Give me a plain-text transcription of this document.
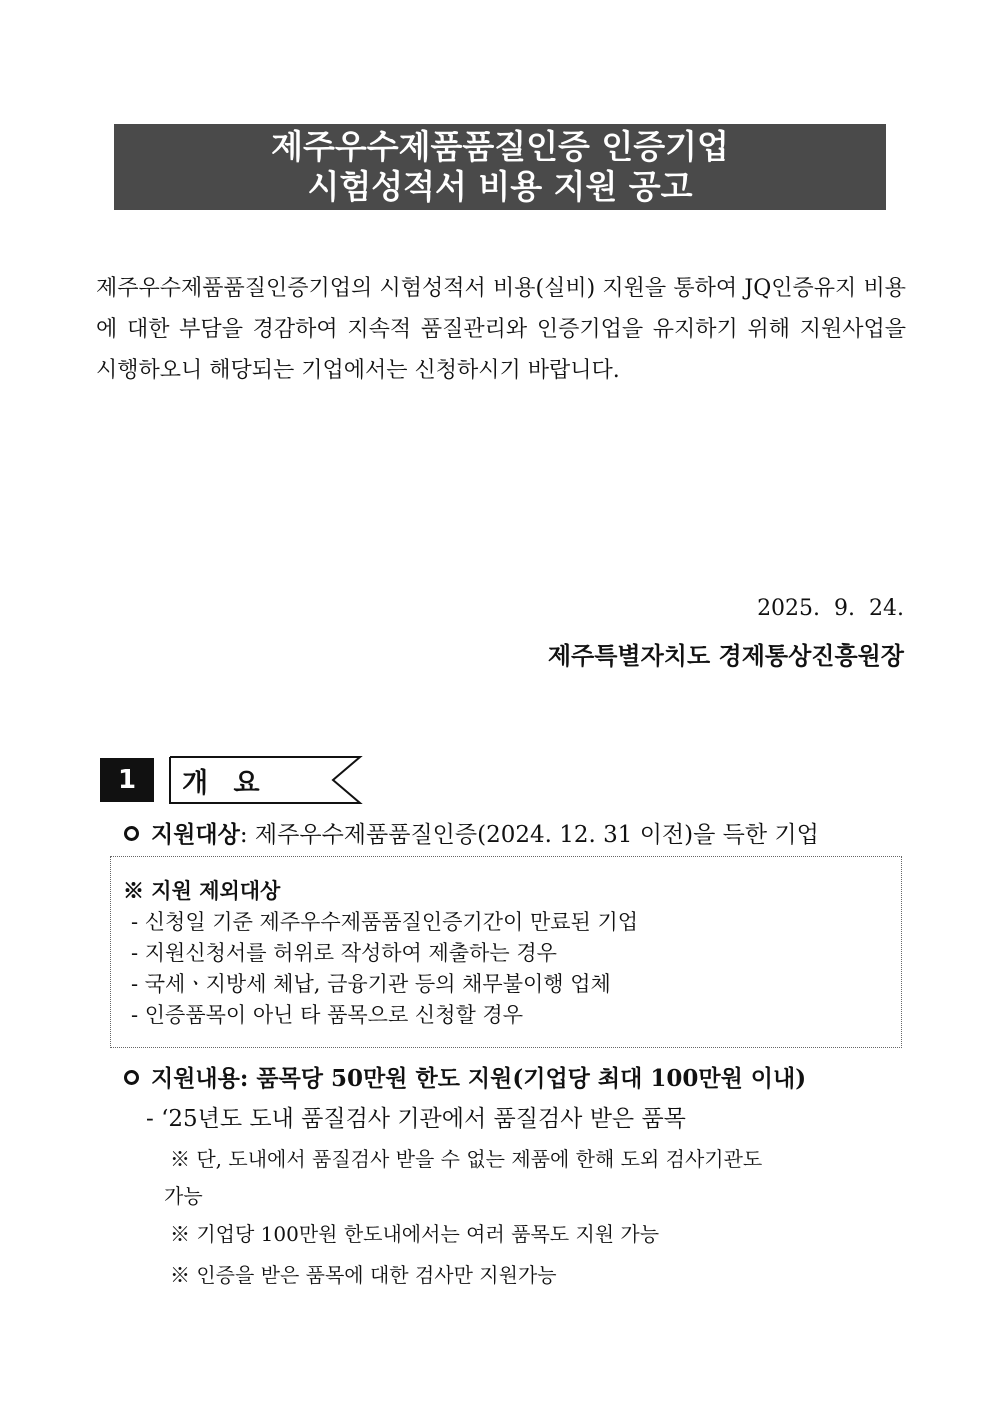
제주우수제품품질인증 인증기업
시험성적서 비용 지원 공고
제주우수제품품질인증기업의 시험성적서 비용(실비) 지원을 통하여 JQ인증유지 비용에 대한 부담을 경감하여 지속적 품질관리와 인증기업을 유지하기 위해 지원사업을 시행하오니 해당되는 기업에서는 신청하시기 바랍니다.
2025.  9.  24.
제주특별자치도 경제통상진흥원장
1	개 요
지원대상: 제주우수제품품질인증(2024. 12. 31 이전)을 득한 기업
※ 지원 제외대상
- 신청일 기준 제주우수제품품질인증기간이 만료된 기업
- 지원신청서를 허위로 작성하여 제출하는 경우
- 국세ㆍ지방세 체납, 금융기관 등의 채무불이행 업체
- 인증품목이 아닌 타 품목으로 신청할 경우
지원내용: 품목당 50만원 한도 지원(기업당 최대 100만원 이내)
- ‘25년도 도내 품질검사 기관에서 품질검사 받은 품목
※ 단, 도내에서 품질검사 받을 수 없는 제품에 한해 도외 검사기관도
가능
※ 기업당 100만원 한도내에서는 여러 품목도 지원 가능
※ 인증을 받은 품목에 대한 검사만 지원가능
